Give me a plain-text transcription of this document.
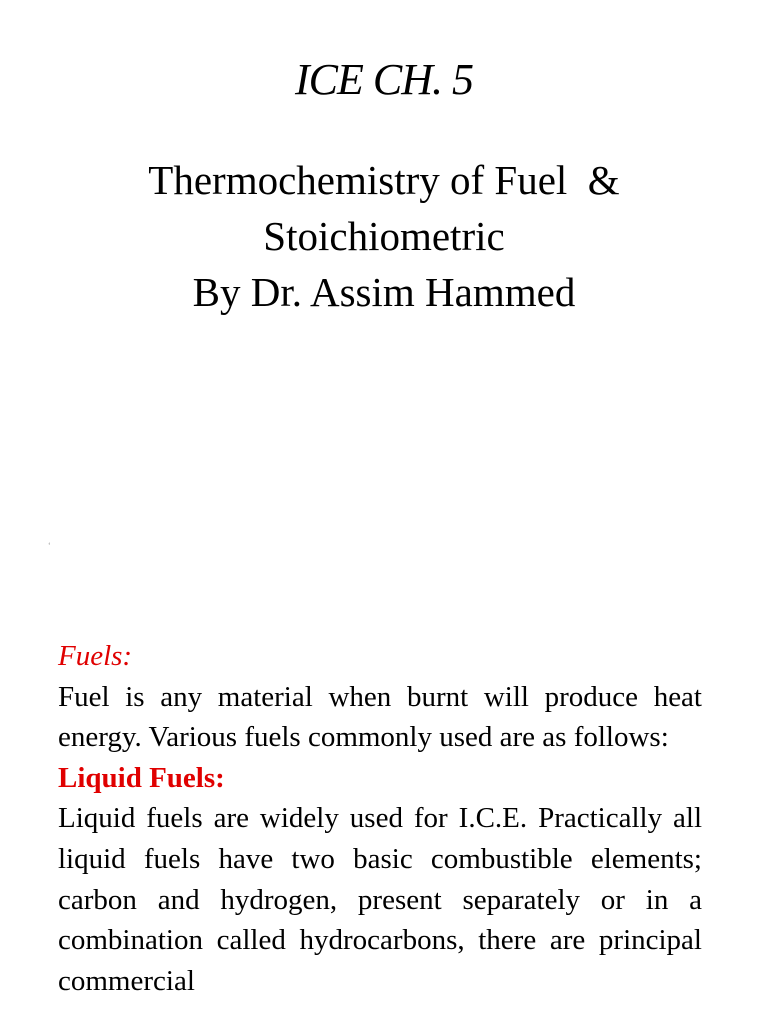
ICE CH. 5
Thermochemistry of Fuel  &
Stoichiometric
By Dr. Assim Hammed
‘

Fuels:

Fuel is any material when burnt will produce heat energy. Various fuels commonly used are as follows:

Liquid Fuels:

Liquid fuels are widely used for I.C.E. Practically all liquid fuels have two basic combustible elements; carbon and hydrogen, present separately or in a combination called hydrocarbons, there are principal commercial
